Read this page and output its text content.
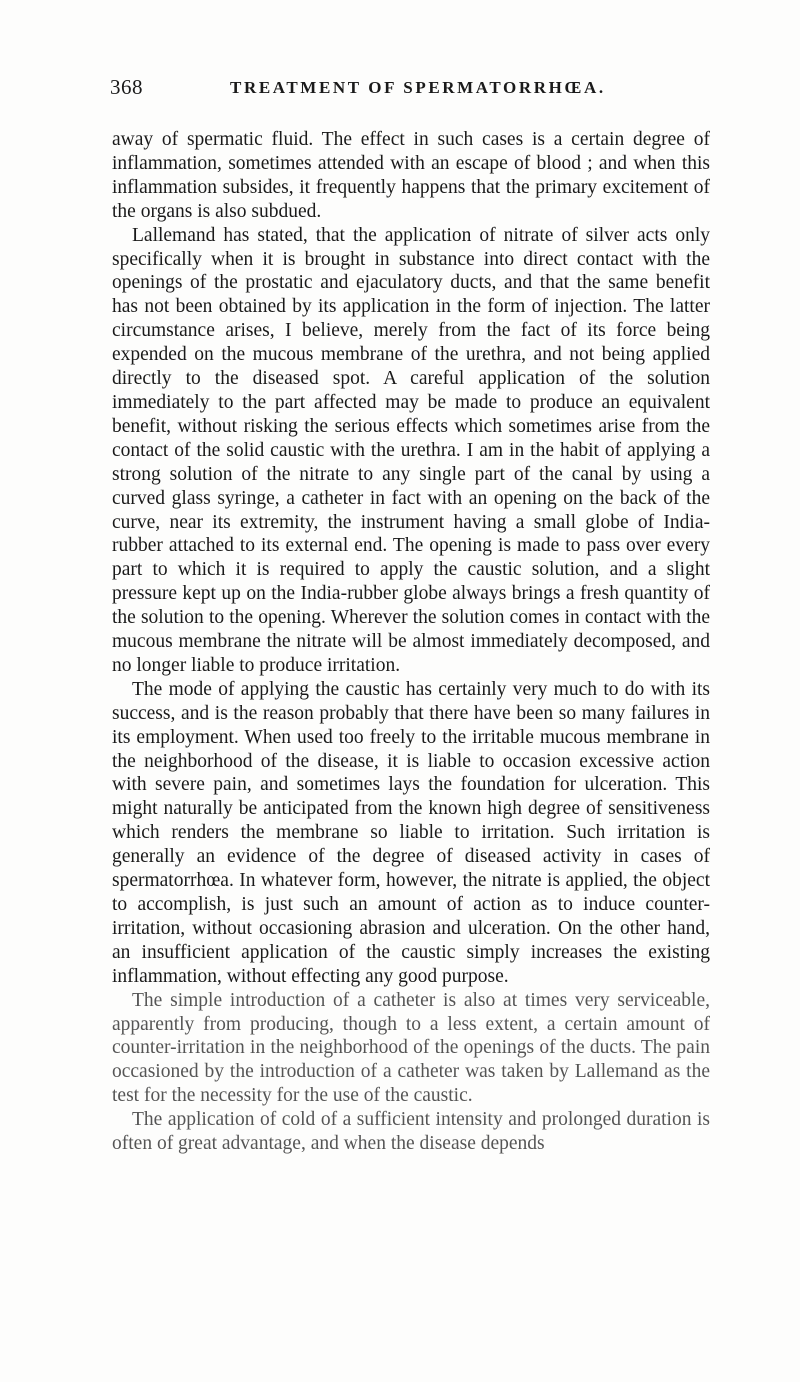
368	TREATMENT OF SPERMATORRHŒA.

away of spermatic fluid. The effect in such cases is a certain degree of inflammation, sometimes attended with an escape of blood ; and when this inflammation subsides, it frequently happens that the primary excitement of the organs is also subdued.

Lallemand has stated, that the application of nitrate of silver acts only specifically when it is brought in substance into direct contact with the openings of the prostatic and ejaculatory ducts, and that the same benefit has not been obtained by its application in the form of injection. The latter circumstance arises, I believe, merely from the fact of its force being expended on the mucous membrane of the urethra, and not being applied directly to the diseased spot. A careful application of the solution immediately to the part affected may be made to produce an equivalent benefit, without risking the serious effects which sometimes arise from the contact of the solid caustic with the urethra. I am in the habit of applying a strong solution of the nitrate to any single part of the canal by using a curved glass syringe, a catheter in fact with an opening on the back of the curve, near its extremity, the instrument having a small globe of India-rubber attached to its external end. The opening is made to pass over every part to which it is required to apply the caustic solution, and a slight pressure kept up on the India-rubber globe always brings a fresh quantity of the solution to the opening. Wherever the solution comes in contact with the mucous membrane the nitrate will be almost immediately decomposed, and no longer liable to produce irritation.

The mode of applying the caustic has certainly very much to do with its success, and is the reason probably that there have been so many failures in its employment. When used too freely to the irritable mucous membrane in the neighborhood of the disease, it is liable to occasion excessive action with severe pain, and sometimes lays the foundation for ulceration. This might naturally be anticipated from the known high degree of sensitiveness which renders the membrane so liable to irritation. Such irritation is generally an evidence of the degree of diseased activity in cases of spermatorrhœa. In whatever form, however, the nitrate is applied, the object to accomplish, is just such an amount of action as to induce counter-irritation, without occasioning abrasion and ulceration. On the other hand, an insufficient application of the caustic simply increases the existing inflammation, without effecting any good purpose.

The simple introduction of a catheter is also at times very serviceable, apparently from producing, though to a less extent, a certain amount of counter-irritation in the neighborhood of the openings of the ducts. The pain occasioned by the introduction of a catheter was taken by Lallemand as the test for the necessity for the use of the caustic.

The application of cold of a sufficient intensity and prolonged duration is often of great advantage, and when the disease depends
